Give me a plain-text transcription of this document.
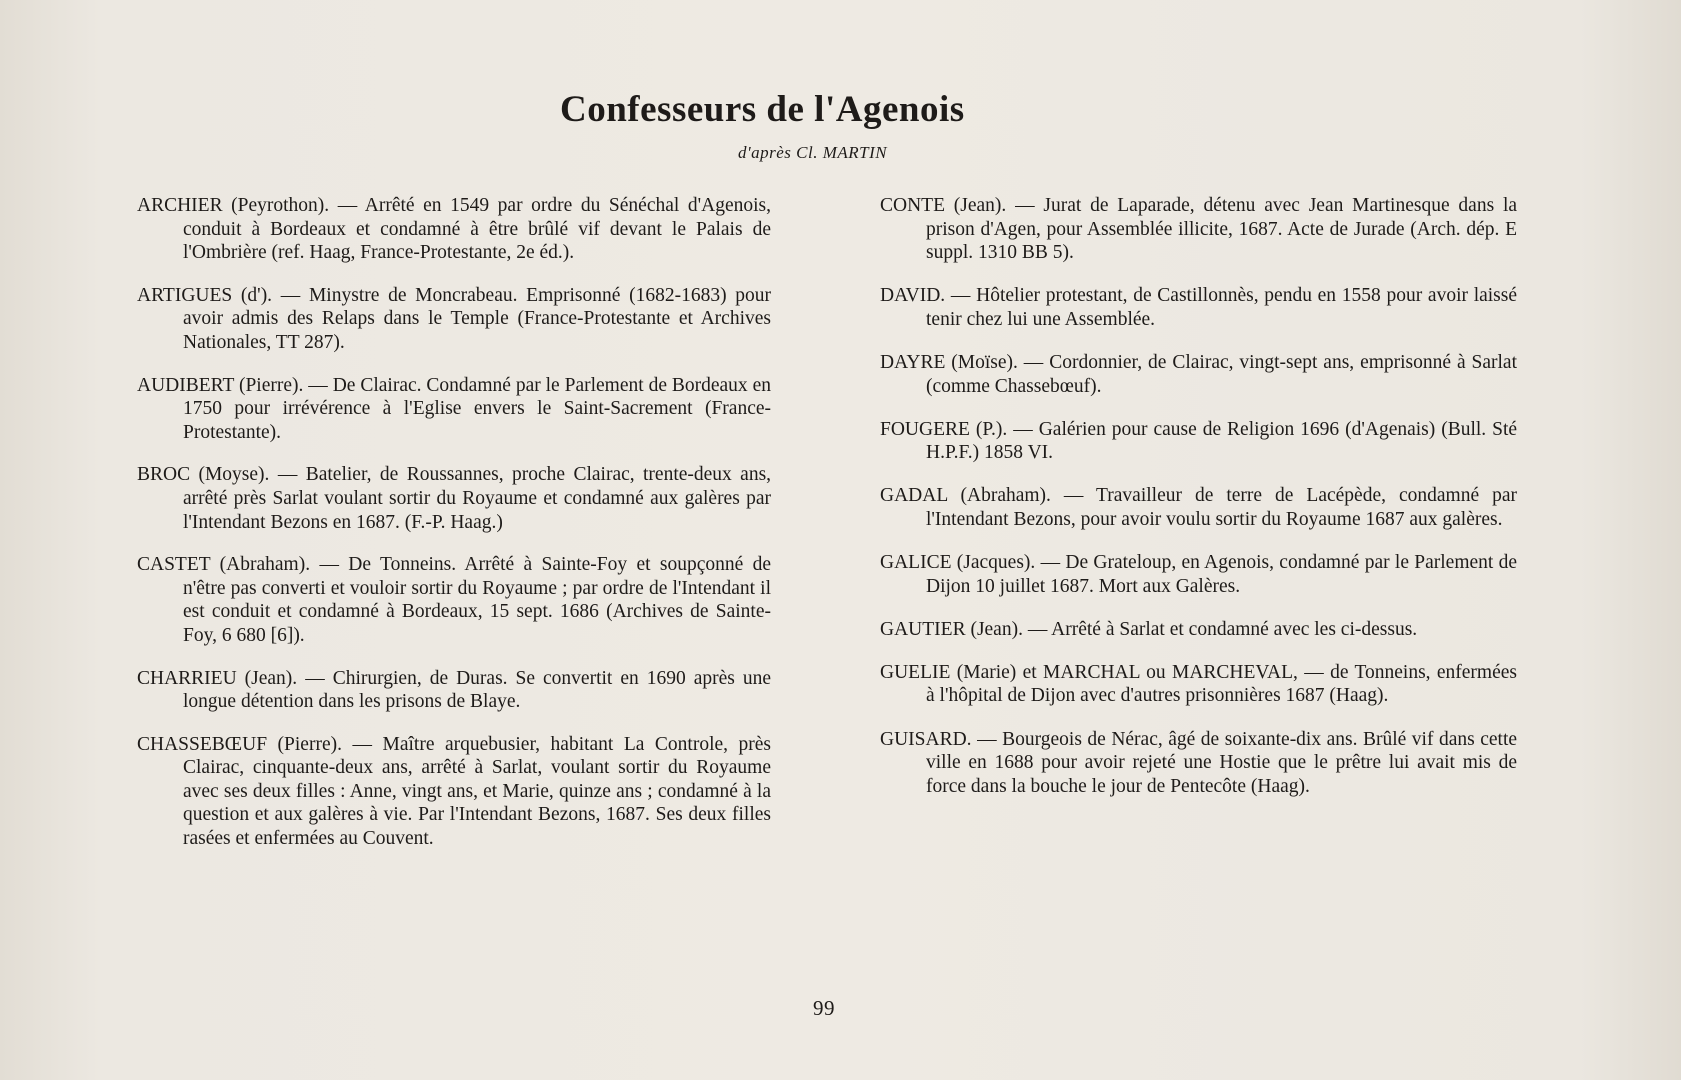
Confesseurs de l'Agenois
d'après Cl. MARTIN

ARCHIER (Peyrothon). — Arrêté en 1549 par ordre du Sénéchal d'Agenois, conduit à Bordeaux et condamné à être brûlé vif devant le Palais de l'Ombrière (ref. Haag, France-Protestante, 2e éd.).

ARTIGUES (d'). — Minystre de Moncrabeau. Emprisonné (1682-1683) pour avoir admis des Relaps dans le Temple (France-Protestante et Archives Nationales, TT 287).

AUDIBERT (Pierre). — De Clairac. Condamné par le Parlement de Bordeaux en 1750 pour irrévérence à l'Eglise envers le Saint-Sacrement (France-Protestante).

BROC (Moyse). — Batelier, de Roussannes, proche Clairac, trente-deux ans, arrêté près Sarlat voulant sortir du Royaume et condamné aux galères par l'Intendant Bezons en 1687. (F.-P. Haag.)

CASTET (Abraham). — De Tonneins. Arrêté à Sainte-Foy et soupçonné de n'être pas converti et vouloir sortir du Royaume ; par ordre de l'Intendant il est conduit et condamné à Bordeaux, 15 sept. 1686 (Archives de Sainte-Foy, 6 680 [6]).

CHARRIEU (Jean). — Chirurgien, de Duras. Se convertit en 1690 après une longue détention dans les prisons de Blaye.

CHASSEBŒUF (Pierre). — Maître arquebusier, habitant La Controle, près Clairac, cinquante-deux ans, arrêté à Sarlat, voulant sortir du Royaume avec ses deux filles : Anne, vingt ans, et Marie, quinze ans ; condamné à la question et aux galères à vie. Par l'Intendant Bezons, 1687. Ses deux filles rasées et enfermées au Couvent.

CONTE (Jean). — Jurat de Laparade, détenu avec Jean Martinesque dans la prison d'Agen, pour Assemblée illicite, 1687. Acte de Jurade (Arch. dép. E suppl. 1310 BB 5).

DAVID. — Hôtelier protestant, de Castillonnès, pendu en 1558 pour avoir laissé tenir chez lui une Assemblée.

DAYRE (Moïse). — Cordonnier, de Clairac, vingt-sept ans, emprisonné à Sarlat (comme Chassebœuf).

FOUGERE (P.). — Galérien pour cause de Religion 1696 (d'Agenais) (Bull. Sté H.P.F.) 1858 VI.

GADAL (Abraham). — Travailleur de terre de Lacépède, condamné par l'Intendant Bezons, pour avoir voulu sortir du Royaume 1687 aux galères.

GALICE (Jacques). — De Grateloup, en Agenois, condamné par le Parlement de Dijon 10 juillet 1687. Mort aux Galères.

GAUTIER (Jean). — Arrêté à Sarlat et condamné avec les ci-dessus.

GUELIE (Marie) et MARCHAL ou MARCHEVAL, — de Tonneins, enfermées à l'hôpital de Dijon avec d'autres prisonnières 1687 (Haag).

GUISARD. — Bourgeois de Nérac, âgé de soixante-dix ans. Brûlé vif dans cette ville en 1688 pour avoir rejeté une Hostie que le prêtre lui avait mis de force dans la bouche le jour de Pentecôte (Haag).

99
